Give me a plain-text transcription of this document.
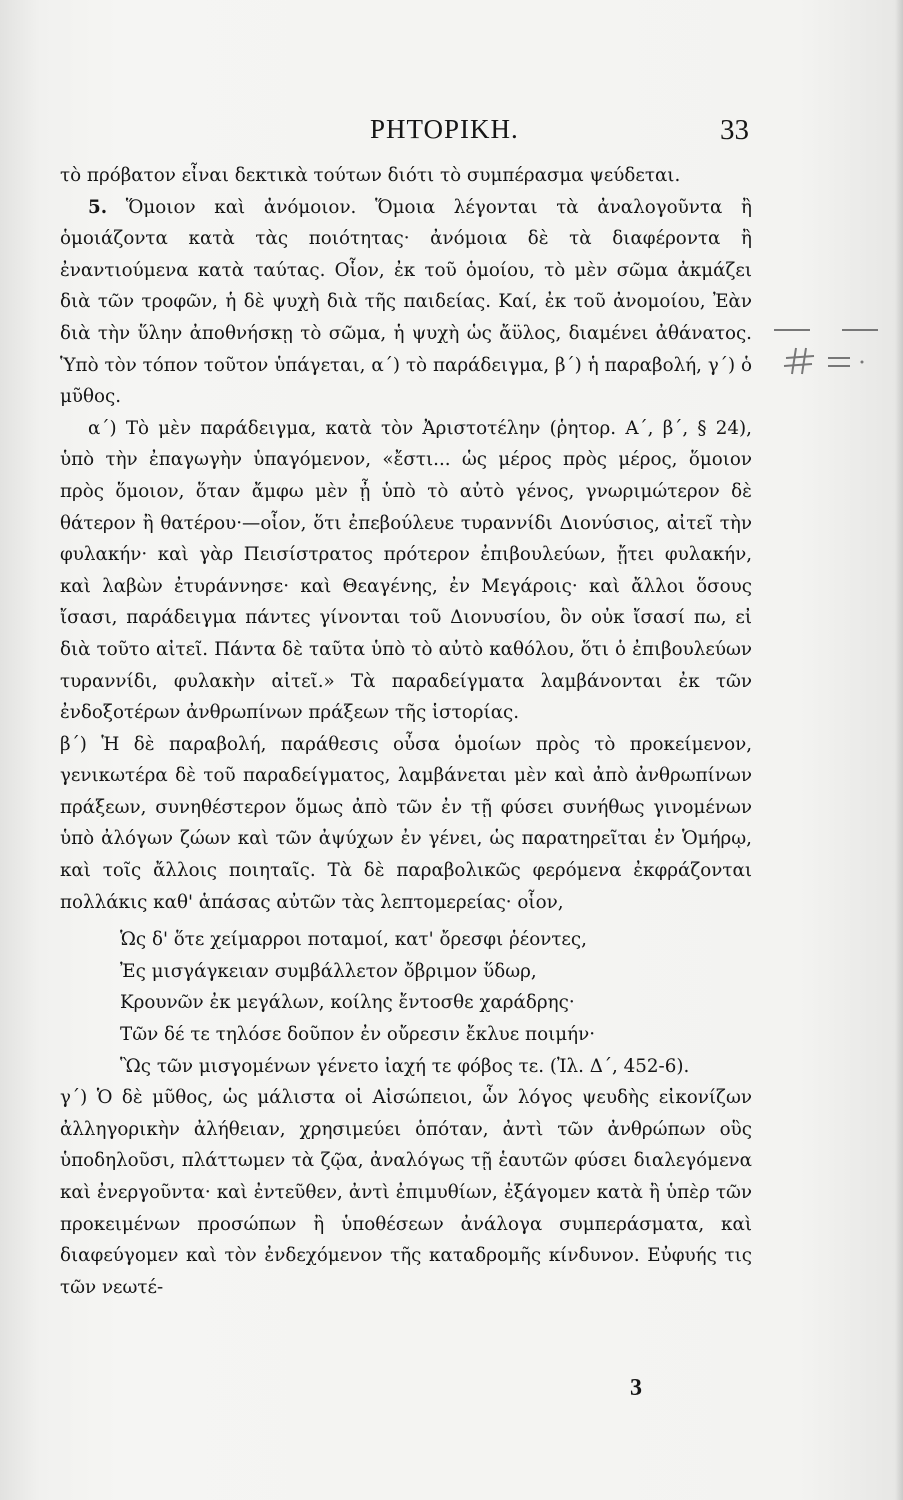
ΡΗΤΟΡΙΚΗ.	33

τὸ πρόβατον εἶναι δεκτικὰ τούτων διότι τὸ συμπέρασμα ψεύδεται.

5. Ὅμοιον καὶ ἀνόμοιον. Ὅμοια λέγονται τὰ ἀναλογοῦντα ἢ ὁμοιάζοντα κατὰ τὰς ποιότητας· ἀνόμοια δὲ τὰ διαφέροντα ἢ ἐναντιούμενα κατὰ ταύτας. Οἷον, ἐκ τοῦ ὁμοίου, τὸ μὲν σῶμα ἀκμάζει διὰ τῶν τροφῶν, ἡ δὲ ψυχὴ διὰ τῆς παιδείας. Καί, ἐκ τοῦ ἀνομοίου, Ἐὰν διὰ τὴν ὕλην ἀποθνήσκῃ τὸ σῶμα, ἡ ψυχὴ ὡς ἄϋλος, διαμένει ἀθάνατος. Ὑπὸ τὸν τόπον τοῦτον ὑπάγεται, α΄) τὸ παράδειγμα, β΄) ἡ παραβολή, γ΄) ὁ μῦθος.

α΄) Τὸ μὲν παράδειγμα, κατὰ τὸν Ἀριστοτέλην (ῥητορ. Α΄, β΄, § 24), ὑπὸ τὴν ἐπαγωγὴν ὑπαγόμενον, «ἔστι... ὡς μέρος πρὸς μέρος, ὅμοιον πρὸς ὅμοιον, ὅταν ἄμφω μὲν ᾖ ὑπὸ τὸ αὐτὸ γένος, γνωριμώτερον δὲ θάτερον ἢ θατέρου·—οἷον, ὅτι ἐπεβούλευε τυραννίδι Διονύσιος, αἰτεῖ τὴν φυλακήν· καὶ γὰρ Πεισίστρατος πρότερον ἐπιβουλεύων, ᾔτει φυλακήν, καὶ λαβὼν ἐτυράννησε· καὶ Θεαγένης, ἐν Μεγάροις· καὶ ἄλλοι ὅσους ἴσασι, παράδειγμα πάντες γίνονται τοῦ Διονυσίου, ὃν οὐκ ἴσασί πω, εἰ διὰ τοῦτο αἰτεῖ. Πάντα δὲ ταῦτα ὑπὸ τὸ αὐτὸ καθόλου, ὅτι ὁ ἐπιβουλεύων τυραννίδι, φυλακὴν αἰτεῖ.» Τὰ παραδείγματα λαμβάνονται ἐκ τῶν ἐνδοξοτέρων ἀνθρωπίνων πράξεων τῆς ἱστορίας.

β΄) Ἡ δὲ παραβολή, παράθεσις οὖσα ὁμοίων πρὸς τὸ προκείμενον, γενικωτέρα δὲ τοῦ παραδείγματος, λαμβάνεται μὲν καὶ ἀπὸ ἀνθρωπίνων πράξεων, συνηθέστερον ὅμως ἀπὸ τῶν ἐν τῇ φύσει συνήθως γινομένων ὑπὸ ἀλόγων ζώων καὶ τῶν ἀψύχων ἐν γένει, ὡς παρατηρεῖται ἐν Ὁμήρῳ, καὶ τοῖς ἄλλοις ποιηταῖς. Τὰ δὲ παραβολικῶς φερόμενα ἐκφράζονται πολλάκις καθ' ἁπάσας αὐτῶν τὰς λεπτομερείας· οἷον,

Ὡς δ' ὅτε χείμαρροι ποταμοί, κατ' ὄρεσφι ῥέοντες,
Ἐς μισγάγκειαν συμβάλλετον ὄβριμον ὕδωρ,
Κρουνῶν ἐκ μεγάλων, κοίλης ἔντοσθε χαράδρης·
Τῶν δέ τε τηλόσε δοῦπον ἐν οὔρεσιν ἔκλυε ποιμήν·
Ὣς τῶν μισγομένων γένετο ἰαχή τε φόβος τε. (Ἰλ. Δ΄, 452-6).

γ΄) Ὁ δὲ μῦθος, ὡς μάλιστα οἱ Αἰσώπειοι, ὧν λόγος ψευδὴς εἰκονίζων ἀλληγορικὴν ἀλήθειαν, χρησιμεύει ὁπόταν, ἀντὶ τῶν ἀνθρώπων οὓς ὑποδηλοῦσι, πλάττωμεν τὰ ζῷα, ἀναλόγως τῇ ἑαυτῶν φύσει διαλεγόμενα καὶ ἐνεργοῦντα· καὶ ἐντεῦθεν, ἀντὶ ἐπιμυθίων, ἐξάγομεν κατὰ ἢ ὑπὲρ τῶν προκειμένων προσώπων ἢ ὑποθέσεων ἀνάλογα συμπεράσματα, καὶ διαφεύγομεν καὶ τὸν ἐνδεχόμενον τῆς καταδρομῆς κίνδυνον. Εὐφυής τις τῶν νεωτέ-

3
